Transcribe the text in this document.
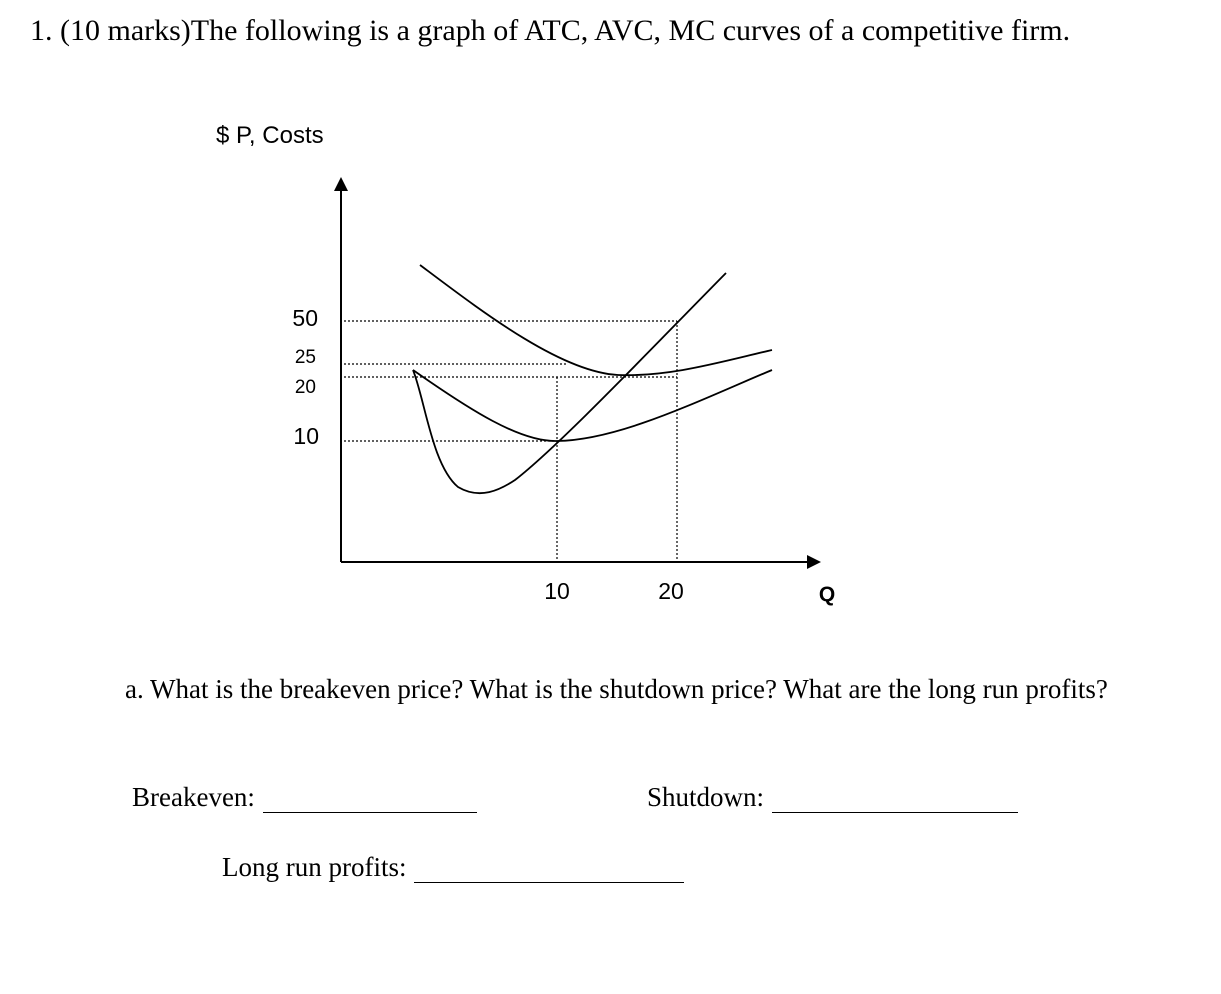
1. (10 marks)The following is a graph of ATC, AVC, MC curves of a competitive firm.
$ P, Costs
50
25
20
10
10	20	Q
a. What is the breakeven price? What is the shutdown price? What are the long run profits?
Breakeven:	Shutdown:
Long run profits:
